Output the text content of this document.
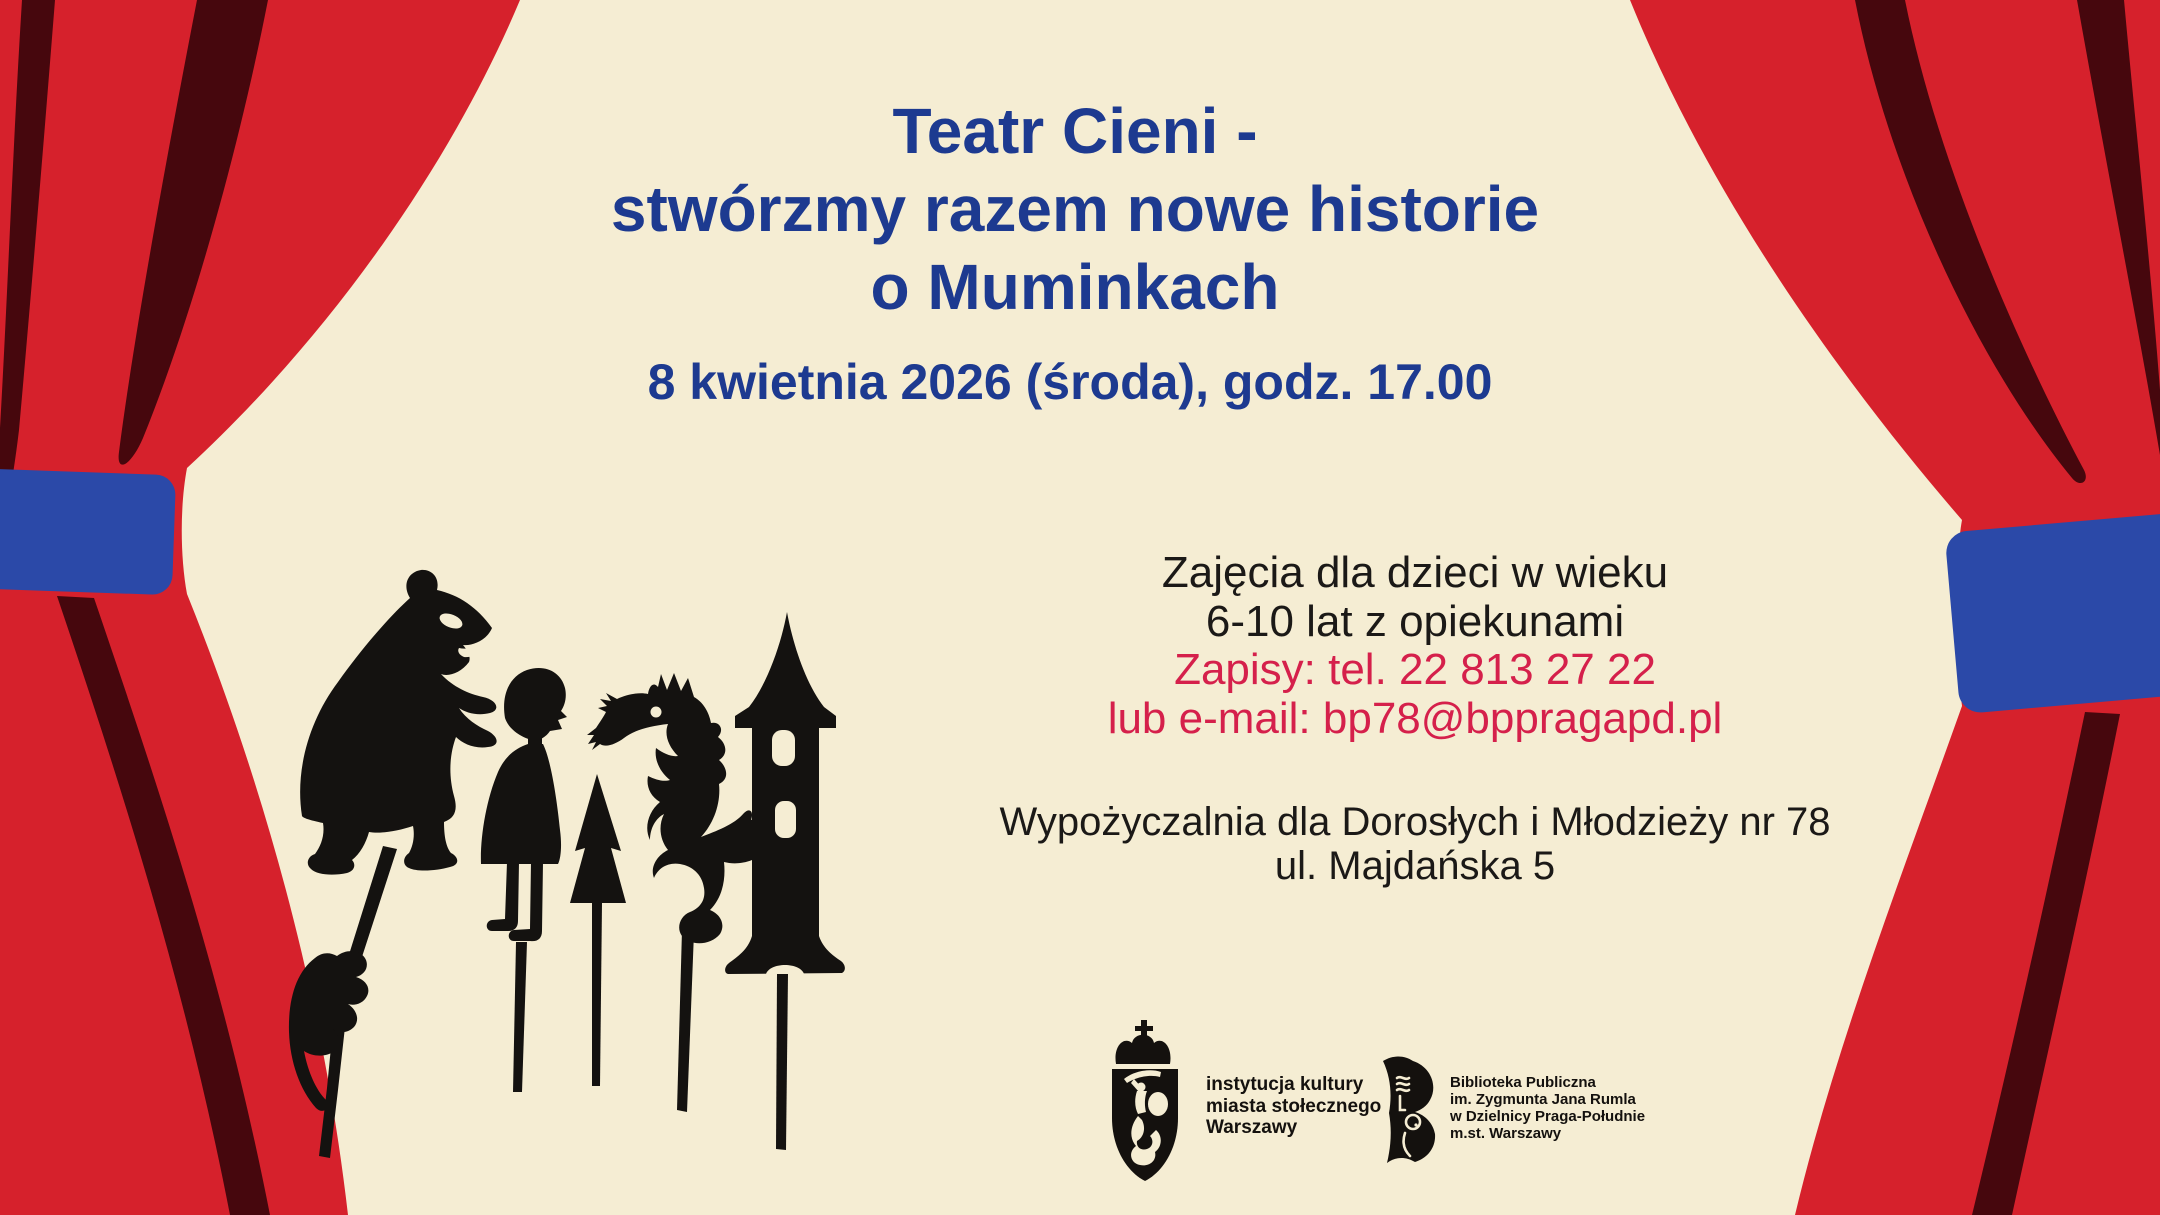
Teatr Cieni -
stwórzmy razem nowe historie
o Muminkach
8 kwietnia 2026 (środa), godz. 17.00
Zajęcia dla dzieci w wieku
6-10 lat z opiekunami
Zapisy: tel. 22 813 27 22
lub e-mail: bp78@bppragapd.pl
Wypożyczalnia dla Dorosłych i Młodzieży nr 78
ul. Majdańska 5
instytucja kultury
miasta stołecznego
Warszawy
Biblioteka Publiczna
im. Zygmunta Jana Rumla
w Dzielnicy Praga-Południe
m.st. Warszawy
